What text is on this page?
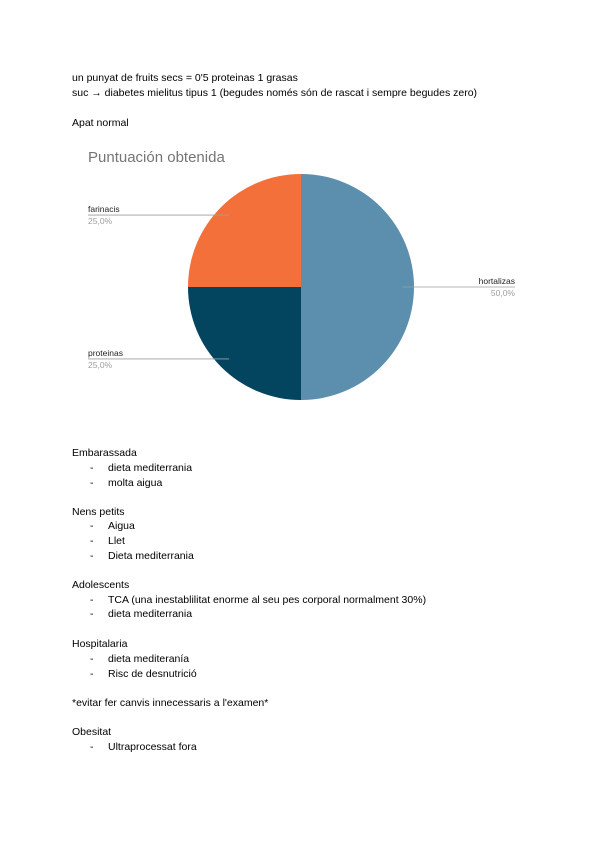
un punyat de fruits secs = 0'5 proteinas 1 grasas
suc → diabetes mielitus tipus 1 (begudes només són de rascat i sempre begudes zero)
Apat normal
Puntuación obtenida
hortalizas
50,0%
proteinas
25,0%
farinacis
25,0%
Embarassada
- dieta mediterrania
- molta aigua
Nens petits
- Aigua
- Llet
- Dieta mediterrania
Adolescents
- TCA (una inestablilitat enorme al seu pes corporal normalment 30%)
- dieta mediterrania
Hospitalaria
- dieta mediteranía
- Risc de desnutrició
*evitar fer canvis innecessaris a l'examen*
Obesitat
- Ultraprocessat fora
